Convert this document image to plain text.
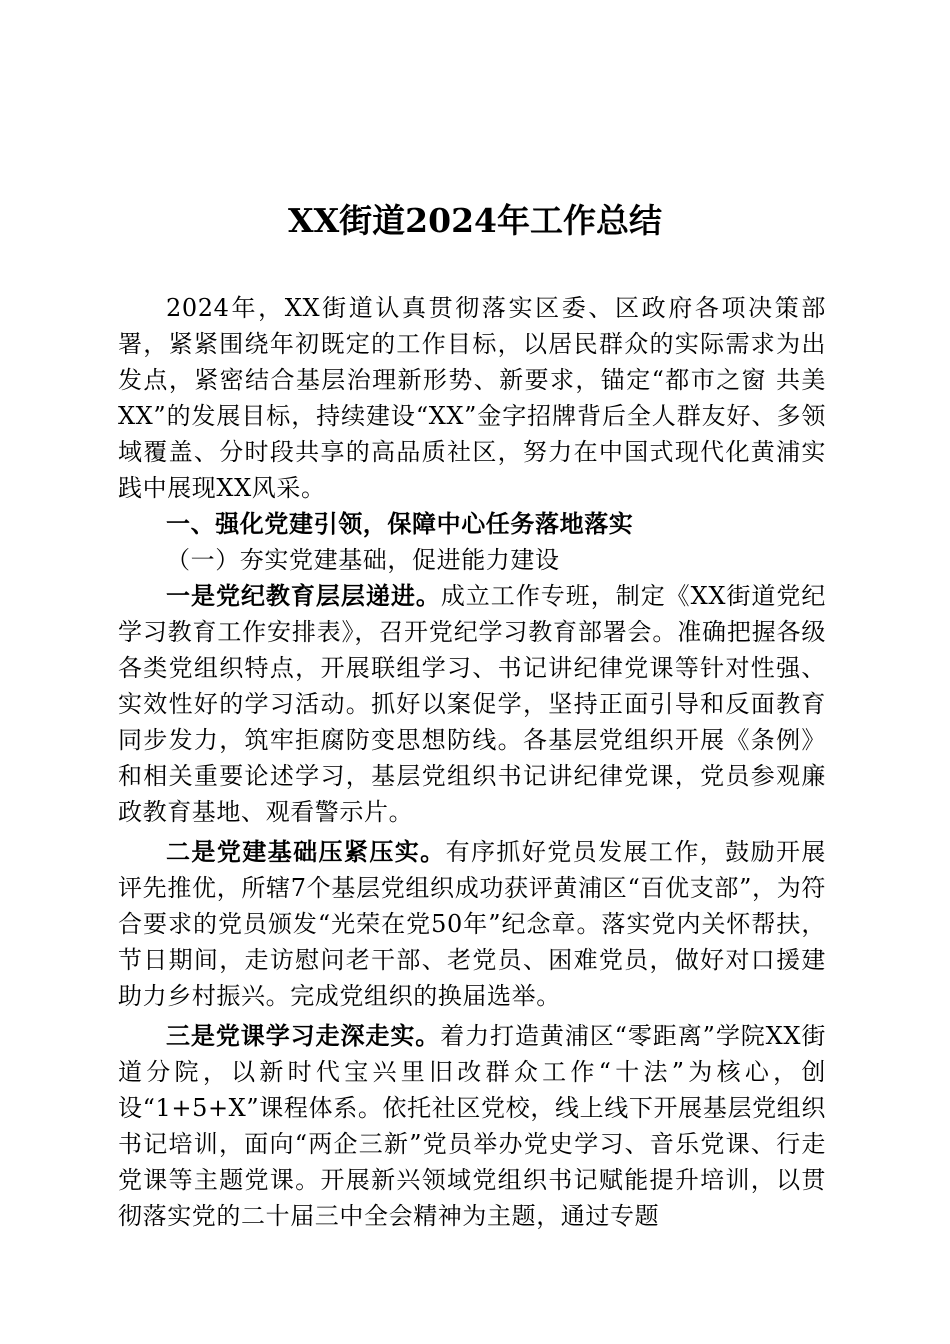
XX街道2024年工作总结

2024年，XX街道认真贯彻落实区委、区政府各项决策部署，紧紧围绕年初既定的工作目标，以居民群众的实际需求为出发点，紧密结合基层治理新形势、新要求，锚定“都市之窗 共美XX”的发展目标，持续建设“XX”金字招牌背后全人群友好、多领域覆盖、分时段共享的高品质社区，努力在中国式现代化黄浦实践中展现XX风采。

一、强化党建引领，保障中心任务落地落实

（一）夯实党建基础，促进能力建设

一是党纪教育层层递进。成立工作专班，制定《XX街道党纪学习教育工作安排表》，召开党纪学习教育部署会。准确把握各级各类党组织特点，开展联组学习、书记讲纪律党课等针对性强、实效性好的学习活动。抓好以案促学，坚持正面引导和反面教育同步发力，筑牢拒腐防变思想防线。各基层党组织开展《条例》和相关重要论述学习，基层党组织书记讲纪律党课，党员参观廉政教育基地、观看警示片。

二是党建基础压紧压实。有序抓好党员发展工作，鼓励开展评先推优，所辖7个基层党组织成功获评黄浦区“百优支部”，为符合要求的党员颁发“光荣在党50年”纪念章。落实党内关怀帮扶，节日期间，走访慰问老干部、老党员、困难党员，做好对口援建助力乡村振兴。完成党组织的换届选举。

三是党课学习走深走实。着力打造黄浦区“零距离”学院XX街道分院，以新时代宝兴里旧改群众工作“十法”为核心，创设“1+5+X”课程体系。依托社区党校，线上线下开展基层党组织书记培训，面向“两企三新”党员举办党史学习、音乐党课、行走党课等主题党课。开展新兴领域党组织书记赋能提升培训，以贯彻落实党的二十届三中全会精神为主题，通过专题
